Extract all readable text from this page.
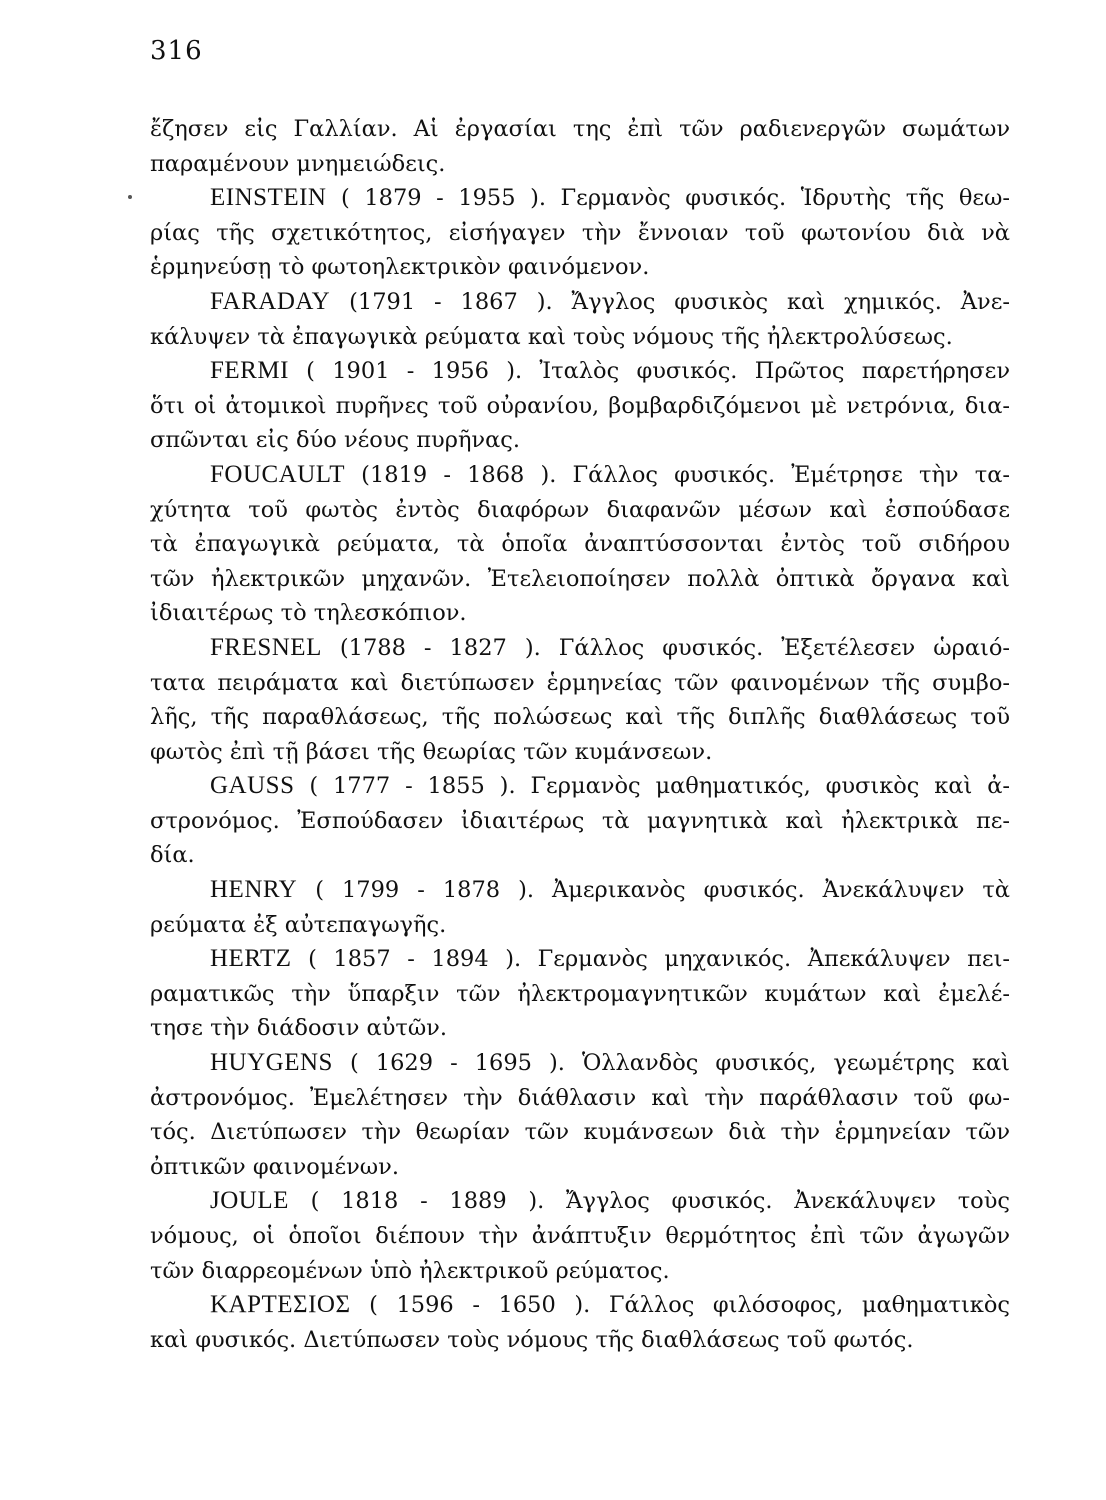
316
ἔζησεν εἰς Γαλλίαν. Αἱ ἐργασίαι της ἐπὶ τῶν ραδιενεργῶν σωμάτων
παραμένουν μνημειώδεις.
EINSTEIN ( 1879 - 1955 ). Γερμανὸς φυσικός. Ἱδρυτὴς τῆς θεω-
ρίας τῆς σχετικότητος, εἰσήγαγεν τὴν ἔννοιαν τοῦ φωτονίου διὰ νὰ
ἑρμηνεύσῃ τὸ φωτοηλεκτρικὸν φαινόμενον.
FARADAY (1791 - 1867 ). Ἄγγλος φυσικὸς καὶ χημικός. Ἀνε-
κάλυψεν τὰ ἐπαγωγικὰ ρεύματα καὶ τοὺς νόμους τῆς ἠλεκτρολύσεως.
FERMI ( 1901 - 1956 ). Ἰταλὸς φυσικός. Πρῶτος παρετήρησεν
ὅτι οἱ ἀτομικοὶ πυρῆνες τοῦ οὐρανίου, βομβαρδιζόμενοι μὲ νετρόνια, δια-
σπῶνται εἰς δύο νέους πυρῆνας.
FOUCAULT (1819 - 1868 ). Γάλλος φυσικός. Ἐμέτρησε τὴν τα-
χύτητα τοῦ φωτὸς ἐντὸς διαφόρων διαφανῶν μέσων καὶ ἐσπούδασε
τὰ ἐπαγωγικὰ ρεύματα, τὰ ὁποῖα ἀναπτύσσονται ἐντὸς τοῦ σιδήρου
τῶν ἠλεκτρικῶν μηχανῶν. Ἐτελειοποίησεν πολλὰ ὀπτικὰ ὄργανα καὶ
ἰδιαιτέρως τὸ τηλεσκόπιον.
FRESNEL (1788 - 1827 ). Γάλλος φυσικός. Ἐξετέλεσεν ὡραιό-
τατα πειράματα καὶ διετύπωσεν ἑρμηνείας τῶν φαινομένων τῆς συμβο-
λῆς, τῆς παραθλάσεως, τῆς πολώσεως καὶ τῆς διπλῆς διαθλάσεως τοῦ
φωτὸς ἐπὶ τῇ βάσει τῆς θεωρίας τῶν κυμάνσεων.
GAUSS ( 1777 - 1855 ). Γερμανὸς μαθηματικός, φυσικὸς καὶ ἀ-
στρονόμος. Ἐσπούδασεν ἰδιαιτέρως τὰ μαγνητικὰ καὶ ἠλεκτρικὰ πε-
δία.
HENRY ( 1799 - 1878 ). Ἀμερικανὸς φυσικός. Ἀνεκάλυψεν τὰ
ρεύματα ἐξ αὐτεπαγωγῆς.
HERTZ ( 1857 - 1894 ). Γερμανὸς μηχανικός. Ἀπεκάλυψεν πει-
ραματικῶς τὴν ὕπαρξιν τῶν ἠλεκτρομαγνητικῶν κυμάτων καὶ ἐμελέ-
τησε τὴν διάδοσιν αὐτῶν.
HUYGENS ( 1629 - 1695 ). Ὁλλανδὸς φυσικός, γεωμέτρης καὶ
ἀστρονόμος. Ἐμελέτησεν τὴν διάθλασιν καὶ τὴν παράθλασιν τοῦ φω-
τός. Διετύπωσεν τὴν θεωρίαν τῶν κυμάνσεων διὰ τὴν ἑρμηνείαν τῶν
ὀπτικῶν φαινομένων.
JOULE ( 1818 - 1889 ). Ἄγγλος φυσικός. Ἀνεκάλυψεν τοὺς
νόμους, οἱ ὁποῖοι διέπουν τὴν ἀνάπτυξιν θερμότητος ἐπὶ τῶν ἀγωγῶν
τῶν διαρρεομένων ὑπὸ ἠλεκτρικοῦ ρεύματος.
ΚΑΡΤΕΣΙΟΣ ( 1596 - 1650 ). Γάλλος φιλόσοφος, μαθηματικὸς
καὶ φυσικός. Διετύπωσεν τοὺς νόμους τῆς διαθλάσεως τοῦ φωτός.
